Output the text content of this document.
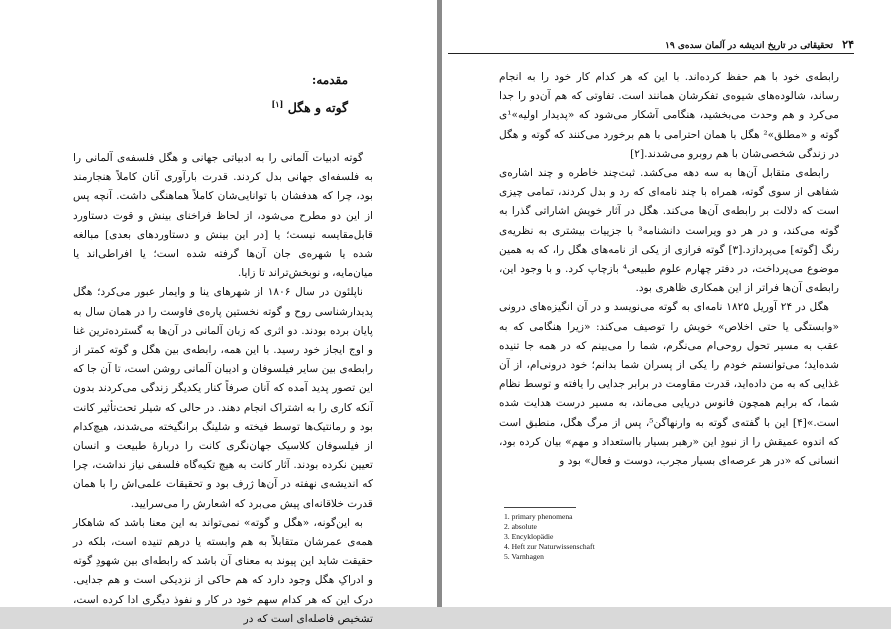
مقدمه:
گوته و هگل [۱]

گوته ادبیات آلمانی را به ادبیاتی جهانی و هگل فلسفه‌ی آلمانی را به فلسفه‌ای جهانی بدل کردند. قدرت بارآوری آنان کاملاً هنجارمند بود، چرا که هدفشان با توانایی‌شان کاملاً هماهنگی داشت. آنچه پس از این دو مطرح می‌شود، از لحاظ فراخنای بینش و قوت دستاورد قابل‌مقایسه نیست؛ یا [در این بینش و دستاوردهای بعدی] مبالغه شده یا شهره‌ی جان آن‌ها گرفته شده است؛ یا افراطی‌اند یا میان‌مایه، و نوبخش‌تراند تا زایا.

ناپلئون در سال ۱۸۰۶ از شهرهای ینا و وایمار عبور می‌کرد؛ هگل پدیدارشناسی روح و گوته نخستین پاره‌ی فاوست را در همان سال به پایان برده بودند. دو اثری که زبان آلمانی در آن‌ها به گسترده‌ترین غنا و اوج ایجاز خود رسید. با این همه، رابطه‌ی بین هگل و گوته کمتر از رابطه‌ی بین سایر فیلسوفان و ادیبان آلمانی روشن است، تا آن جا که این تصور پدید آمده که آنان صرفاً کنار یکدیگر زندگی می‌کردند بدون آنکه کاری را به اشتراک انجام دهند. در حالی که شیلر تحت‌تأثیر کانت بود و رمانتیک‌ها توسط فیخته و شلینگ برانگیخته می‌شدند، هیچ‌کدام از فیلسوفان کلاسیک جهان‌نگری کانت را دربارهٔ طبیعت و انسان تعیین نکرده بودند. آثار کانت به هیچ تکیه‌گاه فلسفی نیاز نداشت، چرا که اندیشه‌ی نهفته در آن‌ها ژرف بود و تحقیقات علمی‌اش را با همان قدرت خلاقانه‌ای پیش می‌برد که اشعارش را می‌سرایید.

به این‌گونه، «هگل و گوته» نمی‌تواند به این معنا باشد که شاهکار همه‌ی عمرشان متقابلاً به هم وابسته یا درهم تنیده است، بلکه در حقیقت شاید این پیوند به معنای آن باشد که رابطه‌ای بین شهودِ گوته و ادراکِ هگل وجود دارد که هم حاکی از نزدیکی است و هم جدایی. درک این که هر کدام سهم خود در کار و نفوذ دیگری ادا کرده است، تشخیص فاصله‌ای است که در

۲۴ تحقیقاتی در تاریخ اندیشه در آلمان سده‌ی ۱۹

رابطه‌ی خود با هم حفظ کرده‌اند. با این که هر کدام کار خود را به انجام رساند، شالوده‌های شیوه‌ی تفکرشان همانند است. تفاوتی که هم آن‌دو را جدا می‌کرد و هم وحدت می‌بخشید، هنگامی آشکار می‌شود که «پدیدار اولیه»¹ی گوته و «مطلق»² هگل با همان احترامی با هم برخورد می‌کنند که گوته و هگل در زندگی شخصی‌شان با هم روبرو می‌شدند.[۲]

رابطه‌ی متقابل آن‌ها به سه دهه می‌کشد. ثبت‌چند خاطره و چند اشاره‌ی شفاهی از سوی گوته، همراه با چند نامه‌ای که رد و بدل کردند، تمامی چیزی است که دلالت بر رابطه‌ی آن‌ها می‌کند. هگل در آثار خویش اشاراتی گذرا به گوته می‌کند، و در هر دو ویراست دانشنامه³ با جزییات بیشتری به نظریه‌ی رنگ [گوته] می‌پردازد.[۳] گوته فرازی از یکی از نامه‌های هگل را، که به همین موضوع می‌پرداخت، در دفتر چهارم علوم طبیعی⁴ بازچاپ کرد. و با وجود این، رابطه‌ی آن‌ها فراتر از این همکاری ظاهری بود.

هگل در ۲۴ آوریل ۱۸۲۵ نامه‌ای به گوته می‌نویسد و در آن انگیزه‌های درونی «وابستگی یا حتی اخلاص» خویش را توصیف می‌کند: «زیرا هنگامی که به عقب به مسیر تحول روحی‌ام می‌نگرم، شما را می‌بینم که در همه جا تنیده شده‌اید؛ می‌توانستم خودم را یکی از پسران شما بدانم؛ خود درونی‌ام، از آن غذایی که به من داده‌اید، قدرت مقاومت در برابر جدایی را یافته و توسط نظام شما، که برایم همچون فانوس دریایی می‌ماند، به مسیر درست هدایت شده است.»[۴] این با گفته‌ی گوته به وارنهاگن⁵، پس از مرگ هگل، منطبق است که اندوه عمیقش را از نبودِ این «رهبر بسیار بااستعداد و مهم» بیان کرده بود، انسانی که «در هر عرصه‌ای بسیار مجرب، دوست و فعال» بود و

1. primary phenomena
2. absolute
3. Encyklopädie
4. Heft zur Naturwissenschaft
5. Varnhagen
